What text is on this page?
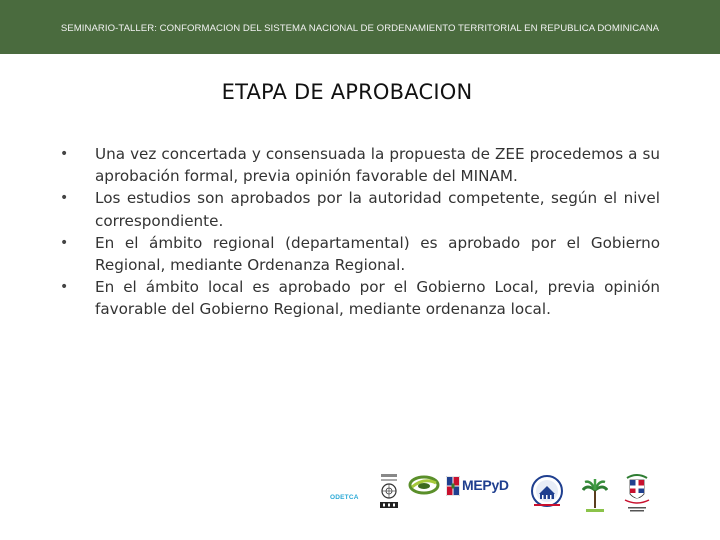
SEMINARIO-TALLER: CONFORMACION DEL SISTEMA NACIONAL DE ORDENAMIENTO TERRITORIAL EN REPUBLICA DOMINICANA
ETAPA DE APROBACION
• Una vez concertada y consensuada la propuesta de ZEE procedemos a su aprobación formal, previa opinión favorable del MINAM.
• Los estudios son aprobados por la autoridad competente, según el nivel correspondiente.
• En el ámbito regional (departamental) es aprobado por el Gobierno Regional, mediante Ordenanza Regional.
• En el ámbito local es aprobado por el Gobierno Local, previa opinión favorable del Gobierno Regional, mediante ordenanza local.
ODETCA
MEPyD
